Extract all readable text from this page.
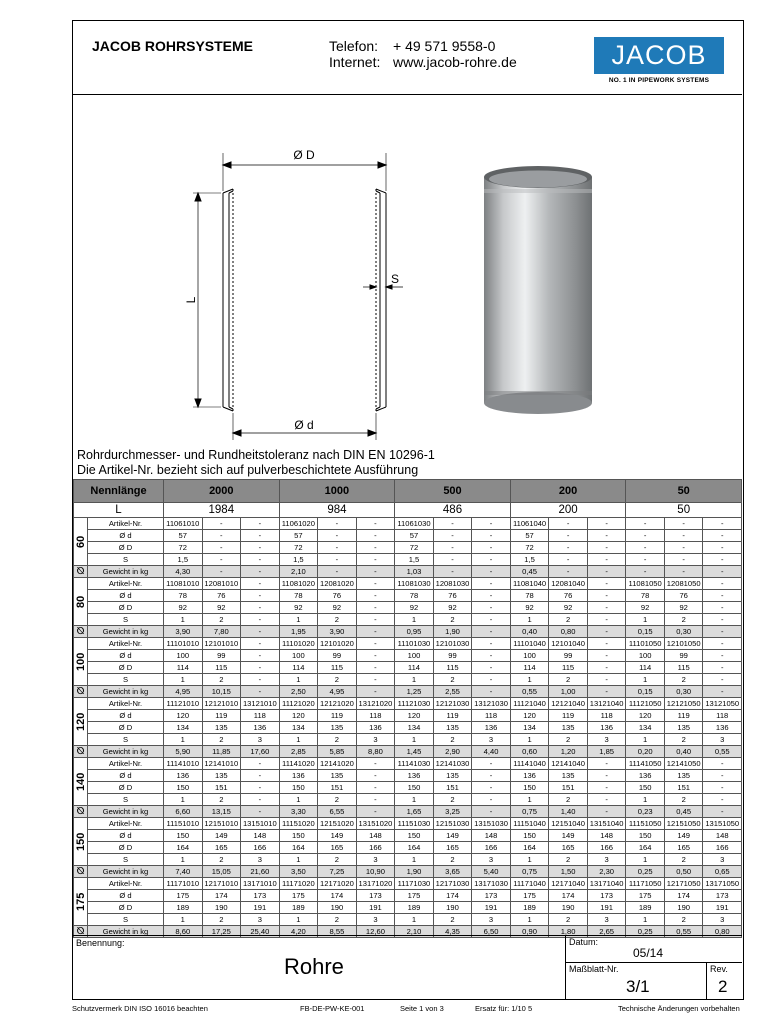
JACOB ROHRSYSTEME	Telefon: + 49 571 9558-0
Internet: www.jacob-rohre.de	JACOB
NO. 1 IN PIPEWORK SYSTEMS
Ø D
Ø d
L
S
Rohrdurchmesser- und Rundheitstoleranz nach DIN EN 10296-1
Die Artikel-Nr. bezieht sich auf pulverbeschichtete Ausführung
Nennlänge		2000			1000			500			200			50		
L		1984			984			486			200			50		
60	Artikel-Nr.	11061010	-	-	11061020	-	-	11061030	-	-	11061040	-	-	-	-	-
	Ø d	57	-	-	57	-	-	57	-	-	57	-	-	-	-	-
	Ø D	72	-	-	72	-	-	72	-	-	72	-	-	-	-	-
	S	1,5	-	-	1,5	-	-	1,5	-	-	1,5	-	-	-	-	-
⦰	Gewicht in kg	4,30	-	-	2,10	-	-	1,03	-	-	0,45	-	-	-	-	-
80	Artikel-Nr.	11081010	12081010	-	11081020	12081020	-	11081030	12081030	-	11081040	12081040	-	11081050	12081050	-
	Ø d	78	76	-	78	76	-	78	76	-	78	76	-	78	76	-
	Ø D	92	92	-	92	92	-	92	92	-	92	92	-	92	92	-
	S	1	2	-	1	2	-	1	2	-	1	2	-	1	2	-
⦰	Gewicht in kg	3,90	7,80	-	1,95	3,90	-	0,95	1,90	-	0,40	0,80	-	0,15	0,30	-
100	Artikel-Nr.	11101010	12101010	-	11101020	12101020	-	11101030	12101030	-	11101040	12101040	-	11101050	12101050	-
	Ø d	100	99	-	100	99	-	100	99	-	100	99	-	100	99	-
	Ø D	114	115	-	114	115	-	114	115	-	114	115	-	114	115	-
	S	1	2	-	1	2	-	1	2	-	1	2	-	1	2	-
⦰	Gewicht in kg	4,95	10,15	-	2,50	4,95	-	1,25	2,55	-	0,55	1,00	-	0,15	0,30	-
120	Artikel-Nr.	11121010	12121010	13121010	11121020	12121020	13121020	11121030	12121030	13121030	11121040	12121040	13121040	11121050	12121050	13121050
	Ø d	120	119	118	120	119	118	120	119	118	120	119	118	120	119	118
	Ø D	134	135	136	134	135	136	134	135	136	134	135	136	134	135	136
	S	1	2	3	1	2	3	1	2	3	1	2	3	1	2	3
⦰	Gewicht in kg	5,90	11,85	17,60	2,85	5,85	8,80	1,45	2,90	4,40	0,60	1,20	1,85	0,20	0,40	0,55
140	Artikel-Nr.	11141010	12141010	-	11141020	12141020	-	11141030	12141030	-	11141040	12141040	-	11141050	12141050	-
	Ø d	136	135	-	136	135	-	136	135	-	136	135	-	136	135	-
	Ø D	150	151	-	150	151	-	150	151	-	150	151	-	150	151	-
	S	1	2	-	1	2	-	1	2	-	1	2	-	1	2	-
⦰	Gewicht in kg	6,60	13,15	-	3,30	6,55	-	1,65	3,25	-	0,75	1,40	-	0,23	0,45	-
150	Artikel-Nr.	11151010	12151010	13151010	11151020	12151020	13151020	11151030	12151030	13151030	11151040	12151040	13151040	11151050	12151050	13151050
	Ø d	150	149	148	150	149	148	150	149	148	150	149	148	150	149	148
	Ø D	164	165	166	164	165	166	164	165	166	164	165	166	164	165	166
	S	1	2	3	1	2	3	1	2	3	1	2	3	1	2	3
⦰	Gewicht in kg	7,40	15,05	21,60	3,50	7,25	10,90	1,90	3,65	5,40	0,75	1,50	2,30	0,25	0,50	0,65
175	Artikel-Nr.	11171010	12171010	13171010	11171020	12171020	13171020	11171030	12171030	13171030	11171040	12171040	13171040	11171050	12171050	13171050
	Ø d	175	174	173	175	174	173	175	174	173	175	174	173	175	174	173
	Ø D	189	190	191	189	190	191	189	190	191	189	190	191	189	190	191
	S	1	2	3	1	2	3	1	2	3	1	2	3	1	2	3
⦰	Gewicht in kg	8,60	17,25	25,40	4,20	8,55	12,60	2,10	4,35	6,50	0,90	1,80	2,65	0,25	0,55	0,80
Benennung:
Rohre
Datum:
05/14
Maßblatt-Nr.
3/1
Rev.
2
Schutzvermerk DIN ISO 16016 beachten	FB-DE-PW-KE-001	Seite 1 von 3	Ersatz für: 1/10 5	Technische Änderungen vorbehalten
